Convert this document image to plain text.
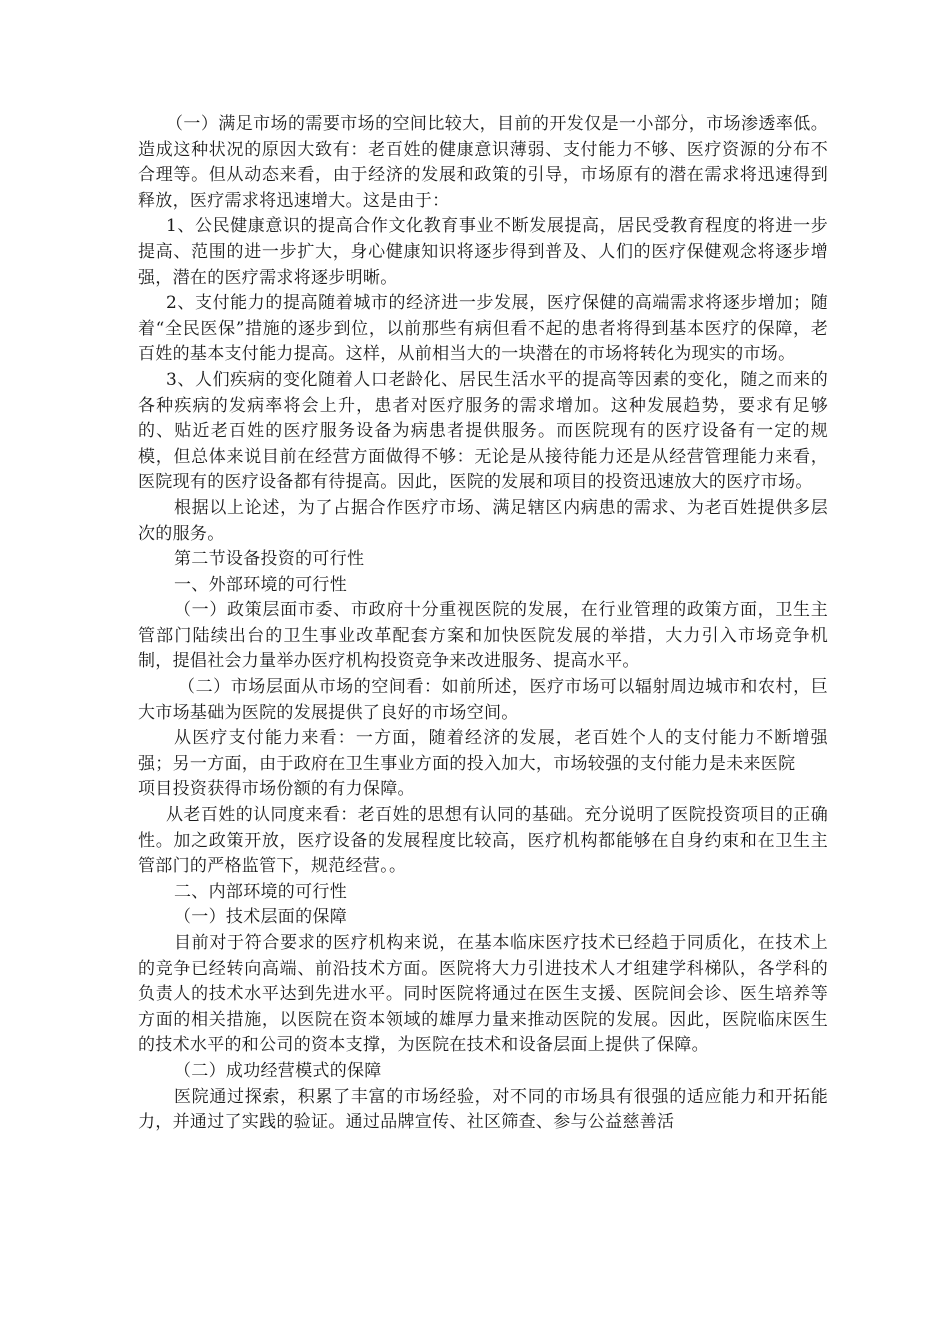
（一）满足市场的需要市场的空间比较大，目前的开发仅是一小部分，市场渗透率低。造成这种状况的原因大致有：老百姓的健康意识薄弱、支付能力不够、医疗资源的分布不合理等。但从动态来看，由于经济的发展和政策的引导，市场原有的潜在需求将迅速得到释放，医疗需求将迅速增大。这是由于：

1、公民健康意识的提高合作文化教育事业不断发展提高，居民受教育程度的将进一步提高、范围的进一步扩大，身心健康知识将逐步得到普及、人们的医疗保健观念将逐步增强，潜在的医疗需求将逐步明晰。

2、支付能力的提高随着城市的经济进一步发展，医疗保健的高端需求将逐步增加；随着“全民医保”措施的逐步到位，以前那些有病但看不起的患者将得到基本医疗的保障，老百姓的基本支付能力提高。这样，从前相当大的一块潜在的市场将转化为现实的市场。

3、人们疾病的变化随着人口老龄化、居民生活水平的提高等因素的变化，随之而来的各种疾病的发病率将会上升，患者对医疗服务的需求增加。这种发展趋势，要求有足够的、贴近老百姓的医疗服务设备为病患者提供服务。而医院现有的医疗设备有一定的规模，但总体来说目前在经营方面做得不够：无论是从接待能力还是从经营管理能力来看，医院现有的医疗设备都有待提高。因此，医院的发展和项目的投资迅速放大的医疗市场。

根据以上论述，为了占据合作医疗市场、满足辖区内病患的需求、为老百姓提供多层次的服务。

第二节设备投资的可行性

一、外部环境的可行性

（一）政策层面市委、市政府十分重视医院的发展，在行业管理的政策方面，卫生主管部门陆续出台的卫生事业改革配套方案和加快医院发展的举措，大力引入市场竞争机制，提倡社会力量举办医疗机构投资竞争来改进服务、提高水平。

（二）市场层面从市场的空间看：如前所述，医疗市场可以辐射周边城市和农村，巨大市场基础为医院的发展提供了良好的市场空间。

从医疗支付能力来看：一方面，随着经济的发展，老百姓个人的支付能力不断增强强；另一方面，由于政府在卫生事业方面的投入加大，市场较强的支付能力是未来医院

项目投资获得市场份额的有力保障。

从老百姓的认同度来看：老百姓的思想有认同的基础。充分说明了医院投资项目的正确性。加之政策开放，医疗设备的发展程度比较高，医疗机构都能够在自身约束和在卫生主管部门的严格监管下，规范经营。。

二、内部环境的可行性

（一）技术层面的保障

目前对于符合要求的医疗机构来说，在基本临床医疗技术已经趋于同质化，在技术上的竞争已经转向高端、前沿技术方面。医院将大力引进技术人才组建学科梯队，各学科的负责人的技术水平达到先进水平。同时医院将通过在医生支援、医院间会诊、医生培养等方面的相关措施，以医院在资本领域的雄厚力量来推动医院的发展。因此，医院临床医生的技术水平的和公司的资本支撑，为医院在技术和设备层面上提供了保障。

（二）成功经营模式的保障

医院通过探索，积累了丰富的市场经验，对不同的市场具有很强的适应能力和开拓能力，并通过了实践的验证。通过品牌宣传、社区筛查、参与公益慈善活
